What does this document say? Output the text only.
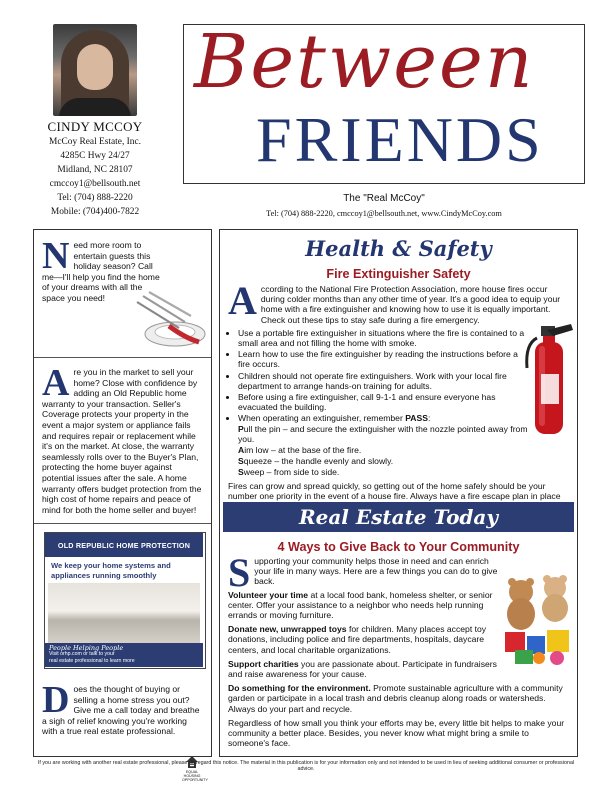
CINDY MCCOY
McCoy Real Estate, Inc.
4285C Hwy 24/27
Midland, NC 28107
cmccoy1@bellsouth.net
Tel: (704) 888-2220
Mobile: (704)400-7822
Between
FRIENDS
The "Real McCoy"
Tel: (704) 888-2220, cmccoy1@bellsouth.net, www.CindyMcCoy.com
N eed more room to entertain guests this holiday season? Call me—I'll help you find the home of your dreams with all the space you need!
A re you in the market to sell your home? Close with confidence by adding an Old Republic home warranty to your transaction. Seller's Coverage protects your property in the event a major system or appliance fails and requires repair or replacement while it's on the market. At close, the warranty seamlessly rolls over to the Buyer's Plan, protecting the home buyer against potential issues after the sale. A home warranty offers budget protection from the high cost of home repairs and peace of mind for both the home seller and buyer!
OLD REPUBLIC HOME PROTECTION
We keep your home systems and appliances running smoothly
People Helping People
Visit orhp.com or talk to your
real estate professional to learn more
D oes the thought of buying or selling a home stress you out? Give me a call today and breathe a sigh of relief knowing you're working with a true real estate professional.
EQUAL HOUSING OPPORTUNITY
Health & Safety
Fire Extinguisher Safety

According to the National Fire Protection Association, more house fires occur during colder months than any other time of year. It's a good idea to equip your home with a fire extinguisher and knowing how to use it is equally important. Check out these tips to stay safe during a fire emergency.

• Use a portable fire extinguisher in situations where the fire is contained to a small area and not filling the home with smoke.
• Learn how to use the fire extinguisher by reading the instructions before a fire occurs.
• Children should not operate fire extinguishers. Work with your local fire department to arrange hands-on training for adults.
• Before using a fire extinguisher, call 9-1-1 and ensure everyone has evacuated the building.
• When operating an extinguisher, remember PASS:
Pull the pin – and secure the extinguisher with the nozzle pointed away from you.
Aim low – at the base of the fire.
Squeeze – the handle evenly and slowly.
Sweep – from side to side.

Fires can grow and spread quickly, so getting out of the home safely should be your number one priority in the event of a house fire. Always have a fire escape plan in place

Real Estate Today
4 Ways to Give Back to Your Community

Supporting your community helps those in need and can enrich your life in many ways. Here are a few things you can do to give back.

Volunteer your time at a local food bank, homeless shelter, or senior center. Offer your assistance to a neighbor who needs help running errands or moving furniture.

Donate new, unwrapped toys for children. Many places accept toy donations, including police and fire departments, hospitals, daycare centers, and local charitable organizations.

Support charities you are passionate about. Participate in fundraisers and raise awareness for your cause.

Do something for the environment. Promote sustainable agriculture with a community garden or participate in a local trash and debris cleanup along roads or watersheds. Always do your part and recycle.

Regardless of how small you think your efforts may be, every little bit helps to make your community a better place. Besides, you never know what might bring a smile to someone's face.

If you are working with another real estate professional, please disregard this notice. The material in this publication is for your information only and not intended to be used in lieu of seeking additional consumer or professional advice.
